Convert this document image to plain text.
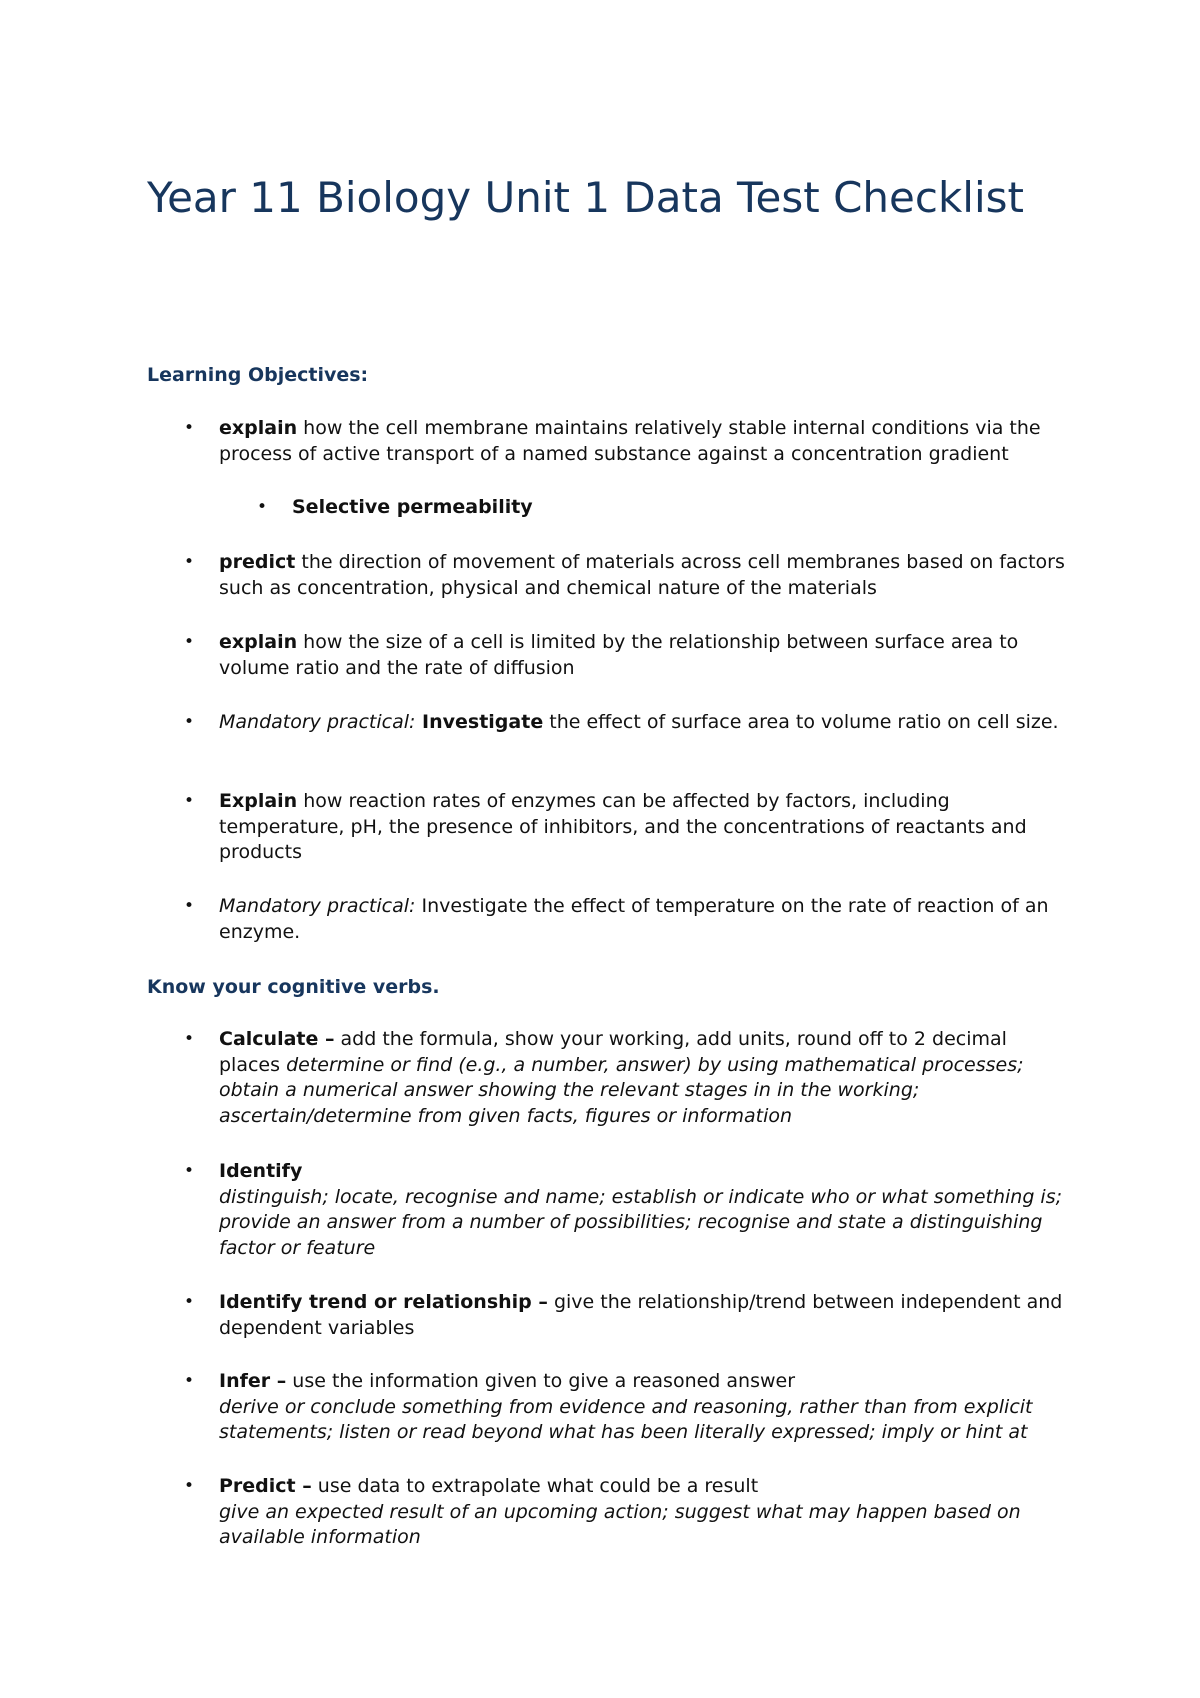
Year 11 Biology Unit 1 Data Test Checklist
Learning Objectives:
• explain how the cell membrane maintains relatively stable internal conditions via the process of active transport of a named substance against a concentration gradient
• Selective permeability
• predict the direction of movement of materials across cell membranes based on factors such as concentration, physical and chemical nature of the materials
• explain how the size of a cell is limited by the relationship between surface area to volume ratio and the rate of diffusion
• Mandatory practical: Investigate the effect of surface area to volume ratio on cell size.
• Explain how reaction rates of enzymes can be affected by factors, including temperature, pH, the presence of inhibitors, and the concentrations of reactants and products
• Mandatory practical: Investigate the effect of temperature on the rate of reaction of an enzyme.
Know your cognitive verbs.
• Calculate – add the formula, show your working, add units, round off to 2 decimal places determine or find (e.g., a number, answer) by using mathematical processes; obtain a numerical answer showing the relevant stages in in the working; ascertain/determine from given facts, figures or information
• Identify
distinguish; locate, recognise and name; establish or indicate who or what something is; provide an answer from a number of possibilities; recognise and state a distinguishing factor or feature
• Identify trend or relationship – give the relationship/trend between independent and dependent variables
• Infer – use the information given to give a reasoned answer
derive or conclude something from evidence and reasoning, rather than from explicit statements; listen or read beyond what has been literally expressed; imply or hint at
• Predict – use data to extrapolate what could be a result
give an expected result of an upcoming action; suggest what may happen based on available information
